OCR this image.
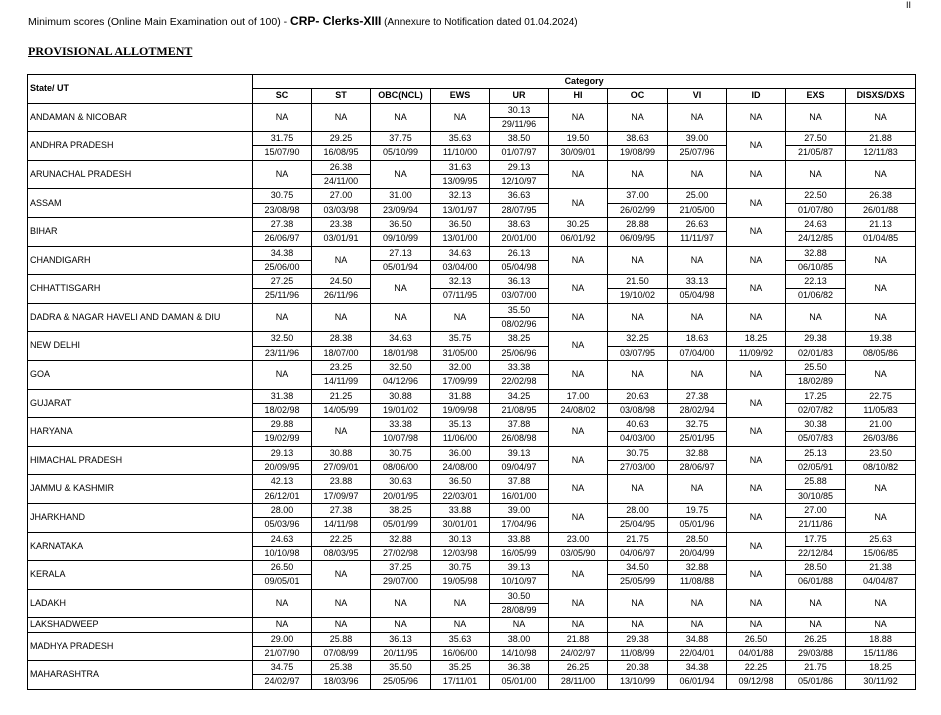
II
Minimum scores (Online Main Examination out of 100) - CRP- Clerks-XIII (Annexure to Notification dated 01.04.2024)
PROVISIONAL ALLOTMENT
State/ UT	Category										
	SC	ST	OBC(NCL)	EWS	UR	HI	OC	VI	ID	EXS	DISXS/DXS
ANDAMAN & NICOBAR	NA	NA	NA	NA	30.13	NA	NA	NA	NA	NA	NA
					29/11/96						
ANDHRA PRADESH	31.75	29.25	37.75	35.63	38.50	19.50	38.63	39.00	NA	27.50	21.88
	15/07/90	16/08/95	05/10/99	11/10/00	01/07/97	30/09/01	19/08/99	25/07/96		21/05/87	12/11/83
ARUNACHAL PRADESH	NA	26.38	NA	31.63	29.13	NA	NA	NA	NA	NA	NA
		24/11/00		13/09/95	12/10/97						
ASSAM	30.75	27.00	31.00	32.13	36.63	NA	37.00	25.00	NA	22.50	26.38
	23/08/98	03/03/98	23/09/94	13/01/97	28/07/95		26/02/99	21/05/00		01/07/80	26/01/88
BIHAR	27.38	23.38	36.50	36.50	38.63	30.25	28.88	26.63	NA	24.63	21.13
	26/06/97	03/01/91	09/10/99	13/01/00	20/01/00	06/01/92	06/09/95	11/11/97		24/12/85	01/04/85
CHANDIGARH	34.38	NA	27.13	34.63	26.13	NA	NA	NA	NA	32.88	NA
	25/06/00		05/01/94	03/04/00	05/04/98					06/10/85	
CHHATTISGARH	27.25	24.50	NA	32.13	36.13	NA	21.50	33.13	NA	22.13	NA
	25/11/96	26/11/96		07/11/95	03/07/00		19/10/02	05/04/98		01/06/82	
DADRA & NAGAR HAVELI AND DAMAN & DIU	NA	NA	NA	NA	35.50	NA	NA	NA	NA	NA	NA
					08/02/96						
NEW DELHI	32.50	28.38	34.63	35.75	38.25	NA	32.25	18.63	18.25	29.38	19.38
	23/11/96	18/07/00	18/01/98	31/05/00	25/06/96		03/07/95	07/04/00	11/09/92	02/01/83	08/05/86
GOA	NA	23.25	32.50	32.00	33.38	NA	NA	NA	NA	25.50	NA
		14/11/99	04/12/96	17/09/99	22/02/98					18/02/89	
GUJARAT	31.38	21.25	30.88	31.88	34.25	17.00	20.63	27.38	NA	17.25	22.75
	18/02/98	14/05/99	19/01/02	19/09/98	21/08/95	24/08/02	03/08/98	28/02/94		02/07/82	11/05/83
HARYANA	29.88	NA	33.38	35.13	37.88	NA	40.63	32.75	NA	30.38	21.00
	19/02/99		10/07/98	11/06/00	26/08/98		04/03/00	25/01/95		05/07/83	26/03/86
HIMACHAL PRADESH	29.13	30.88	30.75	36.00	39.13	NA	30.75	32.88	NA	25.13	23.50
	20/09/95	27/09/01	08/06/00	24/08/00	09/04/97		27/03/00	28/06/97		02/05/91	08/10/82
JAMMU & KASHMIR	42.13	23.88	30.63	36.50	37.88	NA	NA	NA	NA	25.88	NA
	26/12/01	17/09/97	20/01/95	22/03/01	16/01/00					30/10/85	
JHARKHAND	28.00	27.38	38.25	33.88	39.00	NA	28.00	19.75	NA	27.00	NA
	05/03/96	14/11/98	05/01/99	30/01/01	17/04/96		25/04/95	05/01/96		21/11/86	
KARNATAKA	24.63	22.25	32.88	30.13	33.88	23.00	21.75	28.50	NA	17.75	25.63
	10/10/98	08/03/95	27/02/98	12/03/98	16/05/99	03/05/90	04/06/97	20/04/99		22/12/84	15/06/85
KERALA	26.50	NA	37.25	30.75	39.13	NA	34.50	32.88	NA	28.50	21.38
	09/05/01		29/07/00	19/05/98	10/10/97		25/05/99	11/08/88		06/01/88	04/04/87
LADAKH	NA	NA	NA	NA	30.50	NA	NA	NA	NA	NA	NA
					28/08/99						
LAKSHADWEEP	NA	NA	NA	NA	NA	NA	NA	NA	NA	NA	NA

MADHYA PRADESH	29.00	25.88	36.13	35.63	38.00	21.88	29.38	34.88	26.50	26.25	18.88
	21/07/90	07/08/99	20/11/95	16/06/00	14/10/98	24/02/97	11/08/99	22/04/01	04/01/88	29/03/88	15/11/86
MAHARASHTRA	34.75	25.38	35.50	35.25	36.38	26.25	20.38	34.38	22.25	21.75	18.25
	24/02/97	18/03/96	25/05/96	17/11/01	05/01/00	28/11/00	13/10/99	06/01/94	09/12/98	05/01/86	30/11/92
